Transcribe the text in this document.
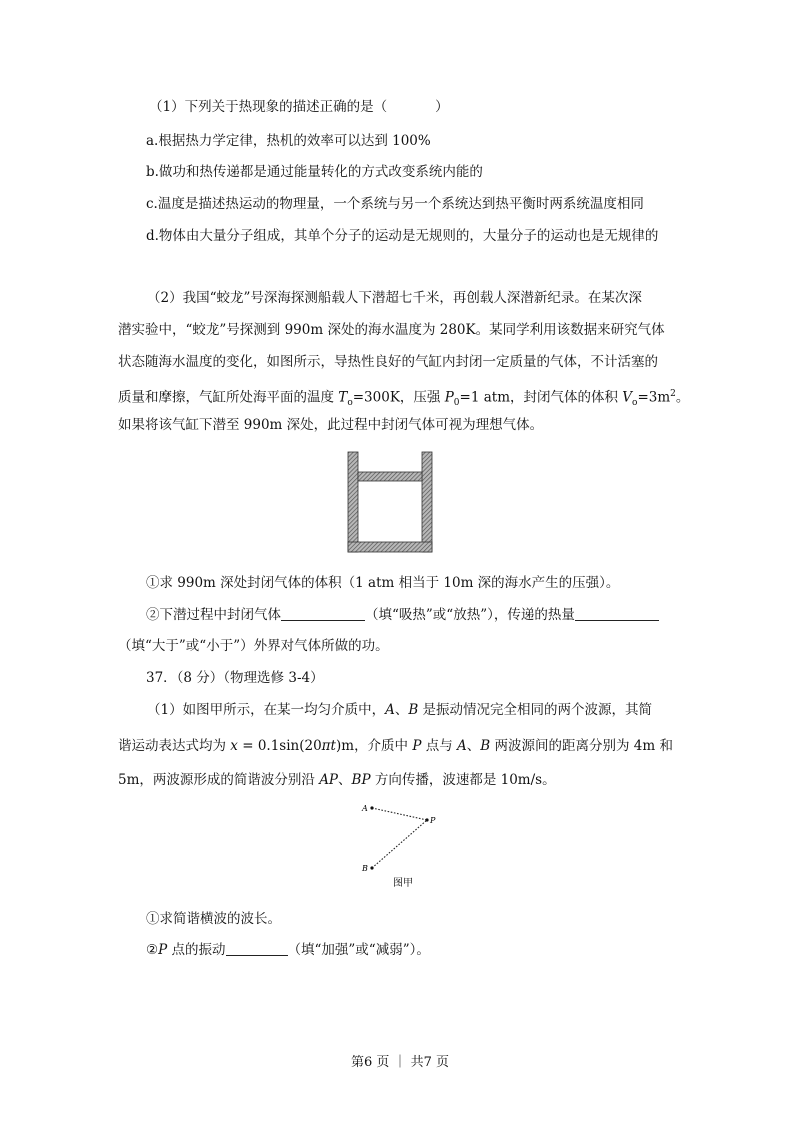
（1）下列关于热现象的描述正确的是（	）
a.根据热力学定律，热机的效率可以达到 100%
b.做功和热传递都是通过能量转化的方式改变系统内能的
c.温度是描述热运动的物理量，一个系统与另一个系统达到热平衡时两系统温度相同
d.物体由大量分子组成，其单个分子的运动是无规则的，大量分子的运动也是无规律的
（2）我国“蛟龙”号深海探测船载人下潜超七千米，再创载人深潜新纪录。在某次深
潜实验中，“蛟龙”号探测到 990m 深处的海水温度为 280K。某同学利用该数据来研究气体
状态随海水温度的变化，如图所示，导热性良好的气缸内封闭一定质量的气体，不计活塞的
质量和摩擦，气缸所处海平面的温度 $T_o=300K$，压强 $P_0=1$ atm，封闭气体的体积 $V_o=3m^2$。
如果将该气缸下潜至 990m 深处，此过程中封闭气体可视为理想气体。
①求 990m 深处封闭气体的体积（1 atm 相当于 10m 深的海水产生的压强）。
②下潜过程中封闭气体	（填“吸热”或“放热”），传递的热量
（填“大于”或“小于”）外界对气体所做的功。
37．（8 分）（物理选修 3-4）
（1）如图甲所示，在某一均匀介质中，A、B 是振动情况完全相同的两个波源，其简
谐运动表达式均为 x = 0.1sin(20πt)m，介质中 P 点与 A、B 两波源间的距离分别为 4m 和
5m，两波源形成的简谐波分别沿 AP、BP 方向传播，波速都是 10m/s。
A
P
B
图甲
①求简谐横波的波长。
②P 点的振动	（填“加强”或“减弱”）。
第6 页 ｜ 共7 页
